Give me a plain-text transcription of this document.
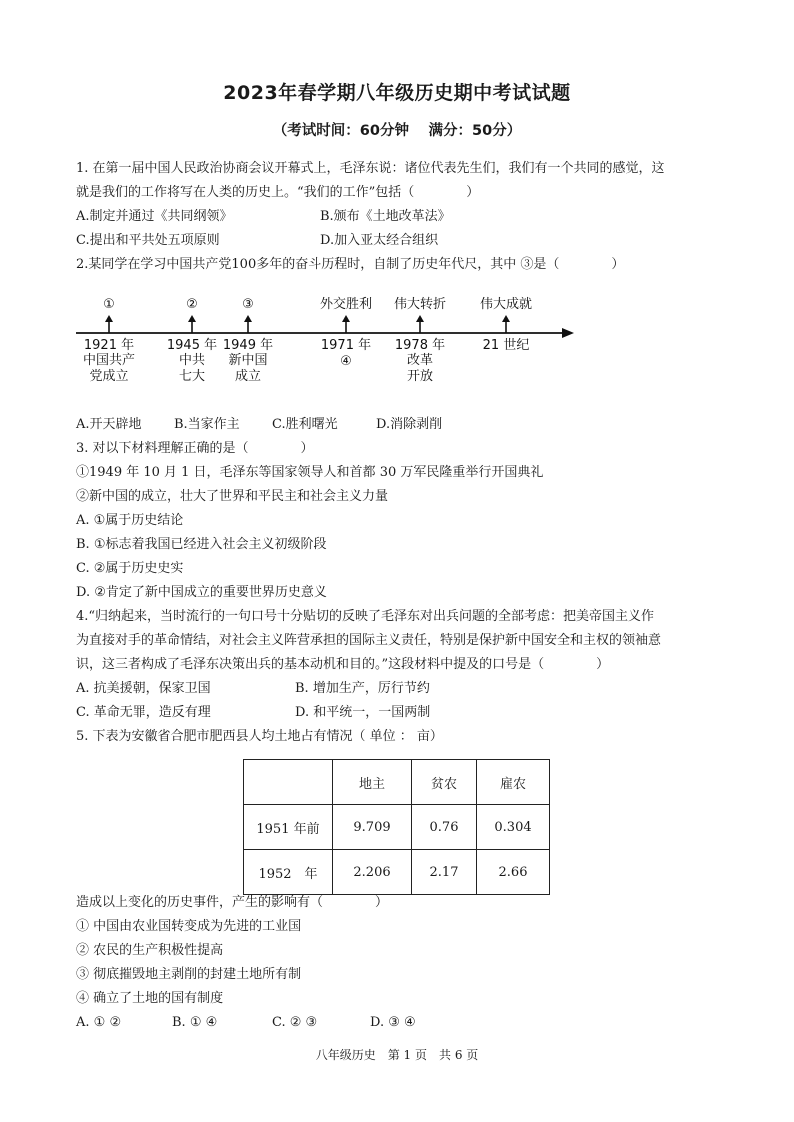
2023年春学期八年级历史期中考试试题
（考试时间：60分钟　 满分：50分）
1. 在第一届中国人民政治协商会议开幕式上，毛泽东说：诸位代表先生们，我们有一个共同的感觉，这
就是我们的工作将写在人类的历史上。“我们的工作”包括（　　　　）
A.制定并通过《共同纲领》	B.颁布《土地改革法》
C.提出和平共处五项原则	D.加入亚太经合组织
2.某同学在学习中国共产党100多年的奋斗历程时，自制了历史年代尺，其中 ③是（　　　　）
①	②	③	外交胜利 伟大转折	伟大成就
1921 年
中国共产
党成立
1945 年
中共
七大
1949 年
新中国
成立
1971 年
④
1978 年
改革
开放
21 世纪
A.开天辟地 B.当家作主 C.胜利曙光	D.消除剥削
3. 对以下材料理解正确的是（　　　　）
①1949 年 10 月 1 日，毛泽东等国家领导人和首都 30 万军民隆重举行开国典礼
②新中国的成立，壮大了世界和平民主和社会主义力量
A. ①属于历史结论
B. ①标志着我国已经进入社会主义初级阶段
C. ②属于历史史实
D. ②肯定了新中国成立的重要世界历史意义
4.“归纳起来，当时流行的一句口号十分贴切的反映了毛泽东对出兵问题的全部考虑：把美帝国主义作
为直接对手的革命情结，对社会主义阵营承担的国际主义责任，特别是保护新中国安全和主权的领袖意
识，这三者构成了毛泽东决策出兵的基本动机和目的。”这段材料中提及的口号是（　　　　）
A. 抗美援朝，保家卫国	B. 增加生产，厉行节约
C. 革命无罪，造反有理	D. 和平统一，一国两制
5. 下表为安徽省合肥市肥西县人均土地占有情况（ 单位 ： 亩）
	地主	贫农	雇农
1951 年前	9.709	0.76	0.304
1952　年	2.206	2.17	2.66
造成以上变化的历史事件，产生的影响有（　　　　）
① 中国由农业国转变成为先进的工业国
② 农民的生产积极性提高
③ 彻底摧毁地主剥削的封建土地所有制
④ 确立了土地的国有制度
A. ① ②	B. ① ④	C. ② ③	D. ③ ④
八年级历史　第 1 页　共 6 页
